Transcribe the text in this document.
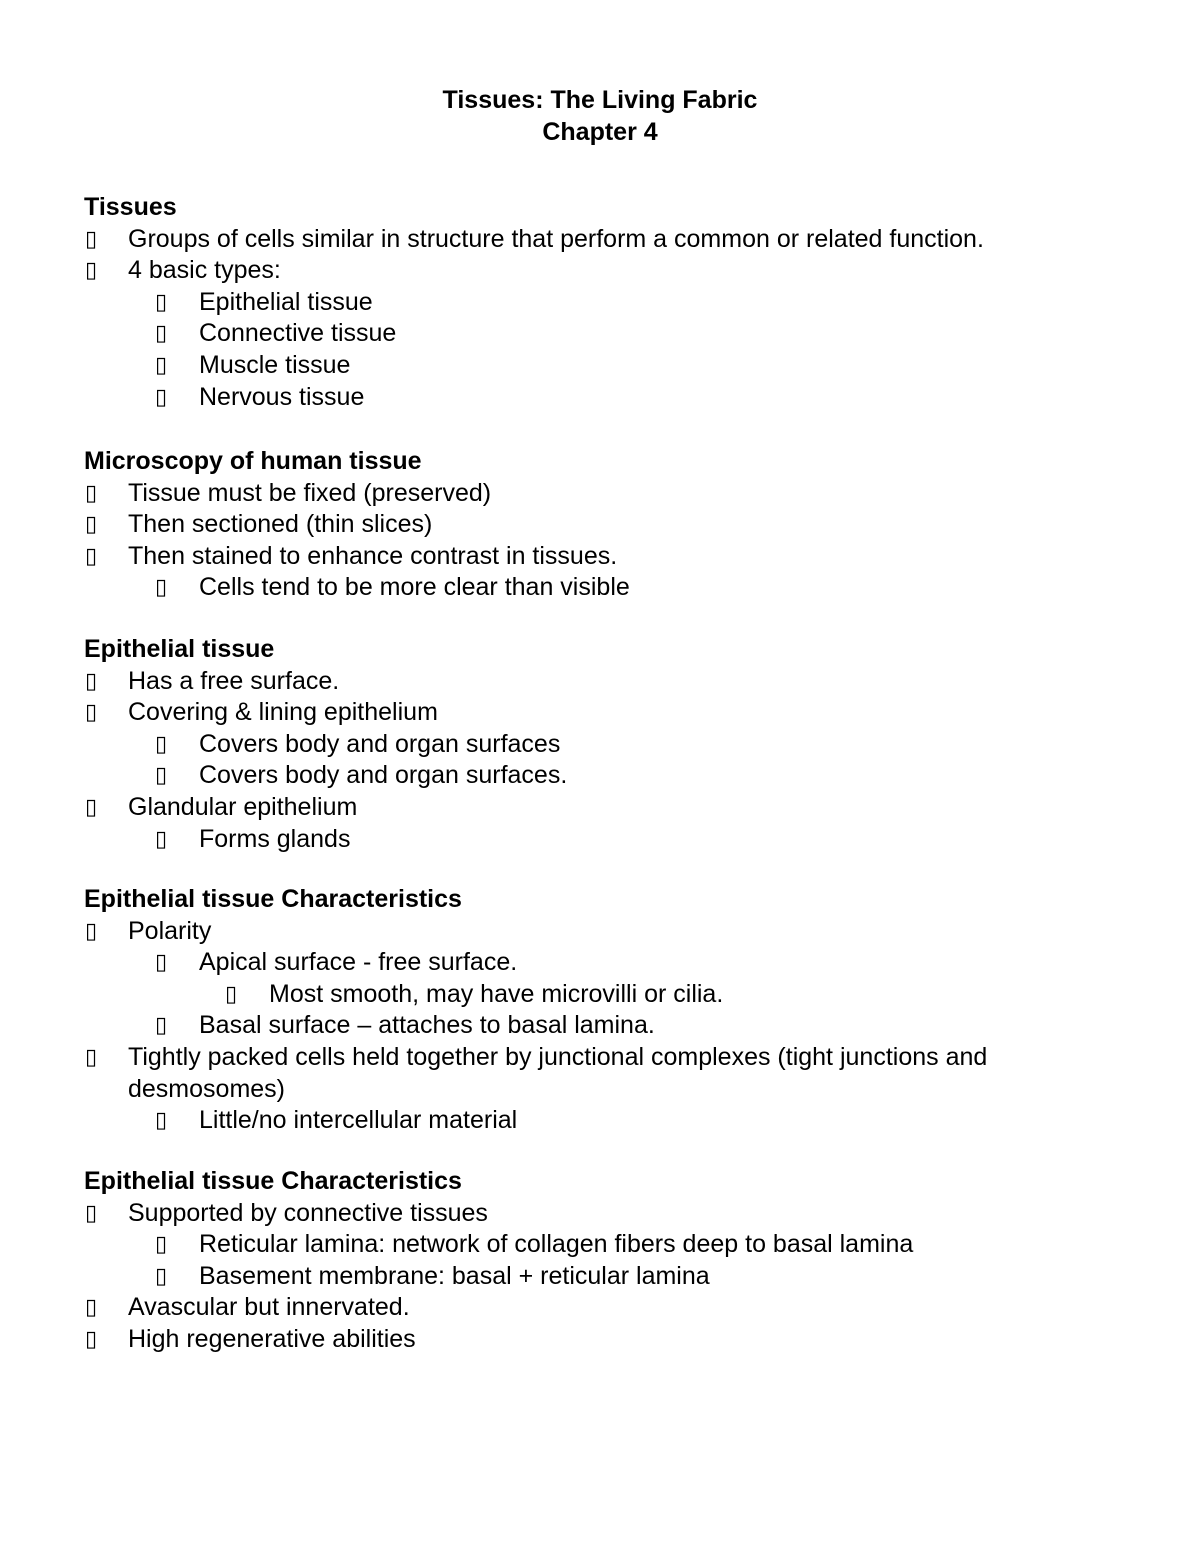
Tissues: The Living Fabric
Chapter 4
Tissues
▯ Groups of cells similar in structure that perform a common or related function.
▯ 4 basic types:
▯ Epithelial tissue
▯ Connective tissue
▯ Muscle tissue
▯ Nervous tissue
Microscopy of human tissue
▯ Tissue must be fixed (preserved)
▯ Then sectioned (thin slices)
▯ Then stained to enhance contrast in tissues.
▯ Cells tend to be more clear than visible
Epithelial tissue
▯ Has a free surface.
▯ Covering & lining epithelium
▯ Covers body and organ surfaces
▯ Covers body and organ surfaces.
▯ Glandular epithelium
▯ Forms glands
Epithelial tissue Characteristics
▯ Polarity
▯ Apical surface - free surface.
▯ Most smooth, may have microvilli or cilia.
▯ Basal surface – attaches to basal lamina.
▯ Tightly packed cells held together by junctional complexes (tight junctions and desmosomes)
▯ Little/no intercellular material
Epithelial tissue Characteristics
▯ Supported by connective tissues
▯ Reticular lamina: network of collagen fibers deep to basal lamina
▯ Basement membrane: basal + reticular lamina
▯ Avascular but innervated.
▯ High regenerative abilities
